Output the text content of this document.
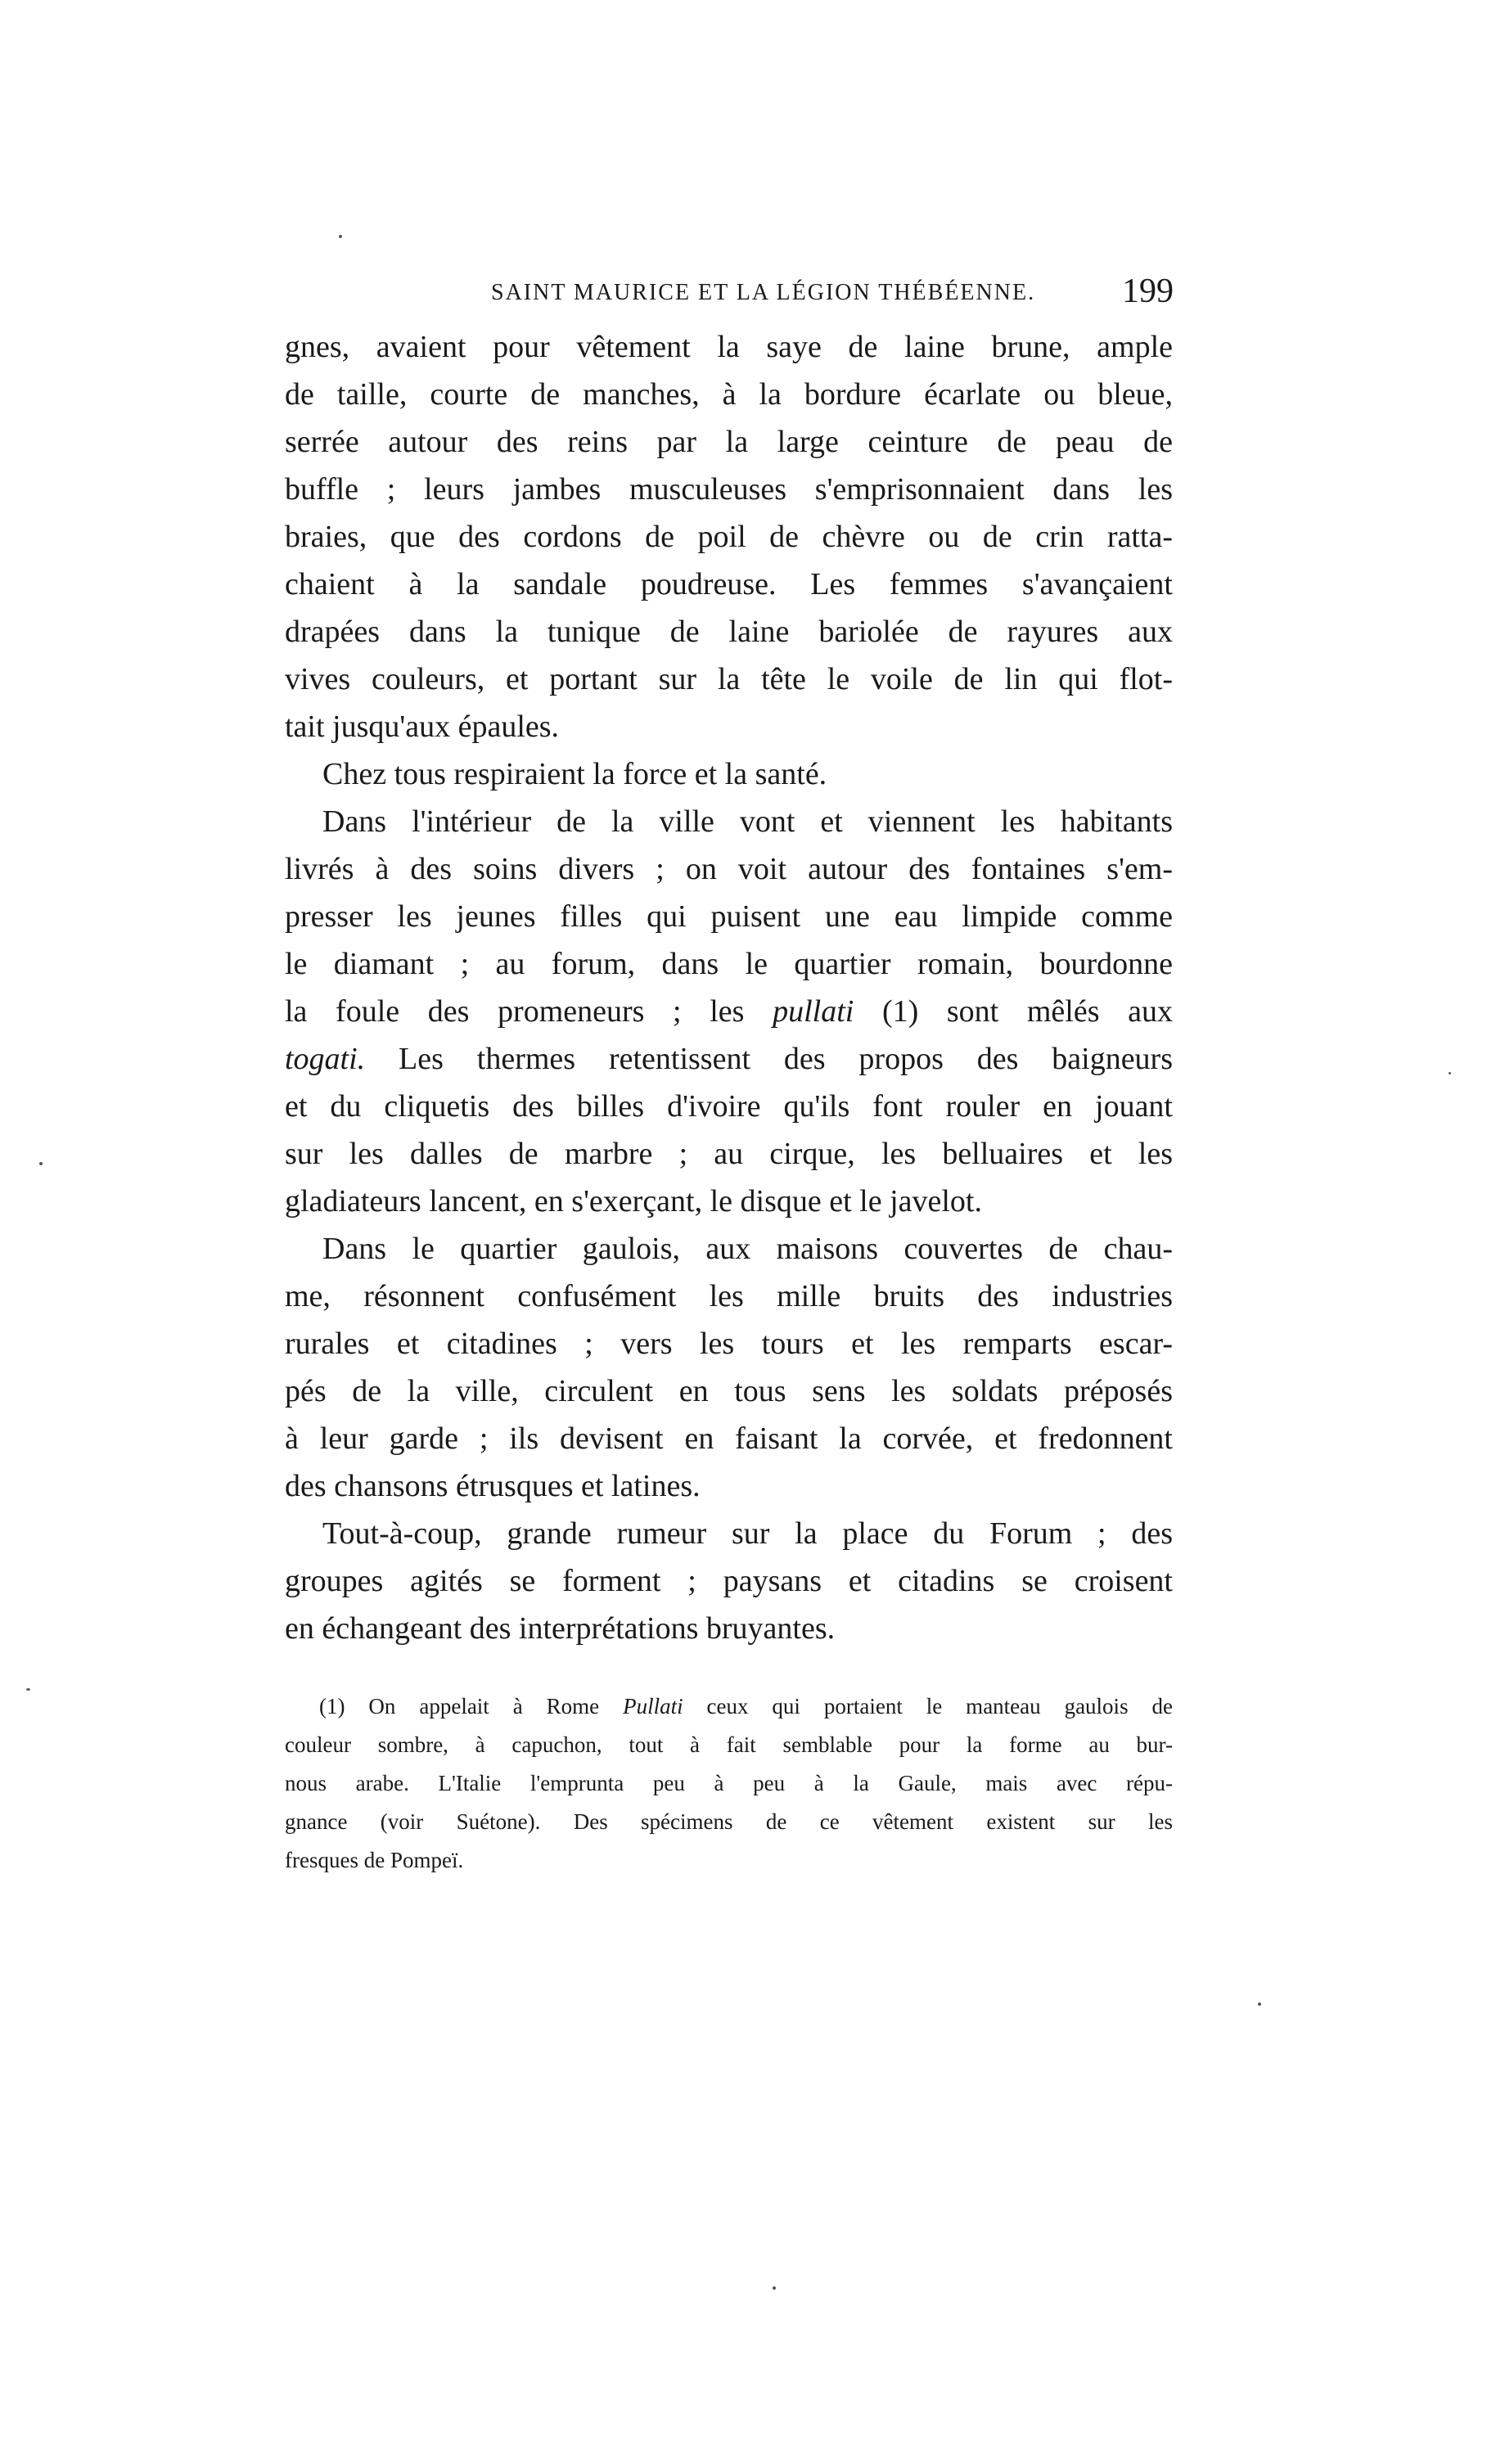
SAINT MAURICE ET LA LÉGION THÉBÉENNE.	199
gnes, avaient pour vêtement la saye de laine brune, ample
de taille, courte de manches, à la bordure écarlate ou bleue,
serrée autour des reins par la large ceinture de peau de
buffle ; leurs jambes musculeuses s'emprisonnaient dans les
braies, que des cordons de poil de chèvre ou de crin ratta-
chaient à la sandale poudreuse. Les femmes s'avançaient
drapées dans la tunique de laine bariolée de rayures aux
vives couleurs, et portant sur la tête le voile de lin qui flot-
tait jusqu'aux épaules.
Chez tous respiraient la force et la santé.
Dans l'intérieur de la ville vont et viennent les habitants
livrés à des soins divers ; on voit autour des fontaines s'em-
presser les jeunes filles qui puisent une eau limpide comme
le diamant ; au forum, dans le quartier romain, bourdonne
la foule des promeneurs ; les pullati (1) sont mêlés aux
togati. Les thermes retentissent des propos des baigneurs
et du cliquetis des billes d'ivoire qu'ils font rouler en jouant
sur les dalles de marbre ; au cirque, les belluaires et les
gladiateurs lancent, en s'exerçant, le disque et le javelot.
Dans le quartier gaulois, aux maisons couvertes de chau-
me, résonnent confusément les mille bruits des industries
rurales et citadines ; vers les tours et les remparts escar-
pés de la ville, circulent en tous sens les soldats préposés
à leur garde ; ils devisent en faisant la corvée, et fredonnent
des chansons étrusques et latines.
Tout-à-coup, grande rumeur sur la place du Forum ; des
groupes agités se forment ; paysans et citadins se croisent
en échangeant des interprétations bruyantes.
(1) On appelait à Rome Pullati ceux qui portaient le manteau gaulois de
couleur sombre, à capuchon, tout à fait semblable pour la forme au bur-
nous arabe. L'Italie l'emprunta peu à peu à la Gaule, mais avec répu-
gnance (voir Suétone). Des spécimens de ce vêtement existent sur les
fresques de Pompeï.
